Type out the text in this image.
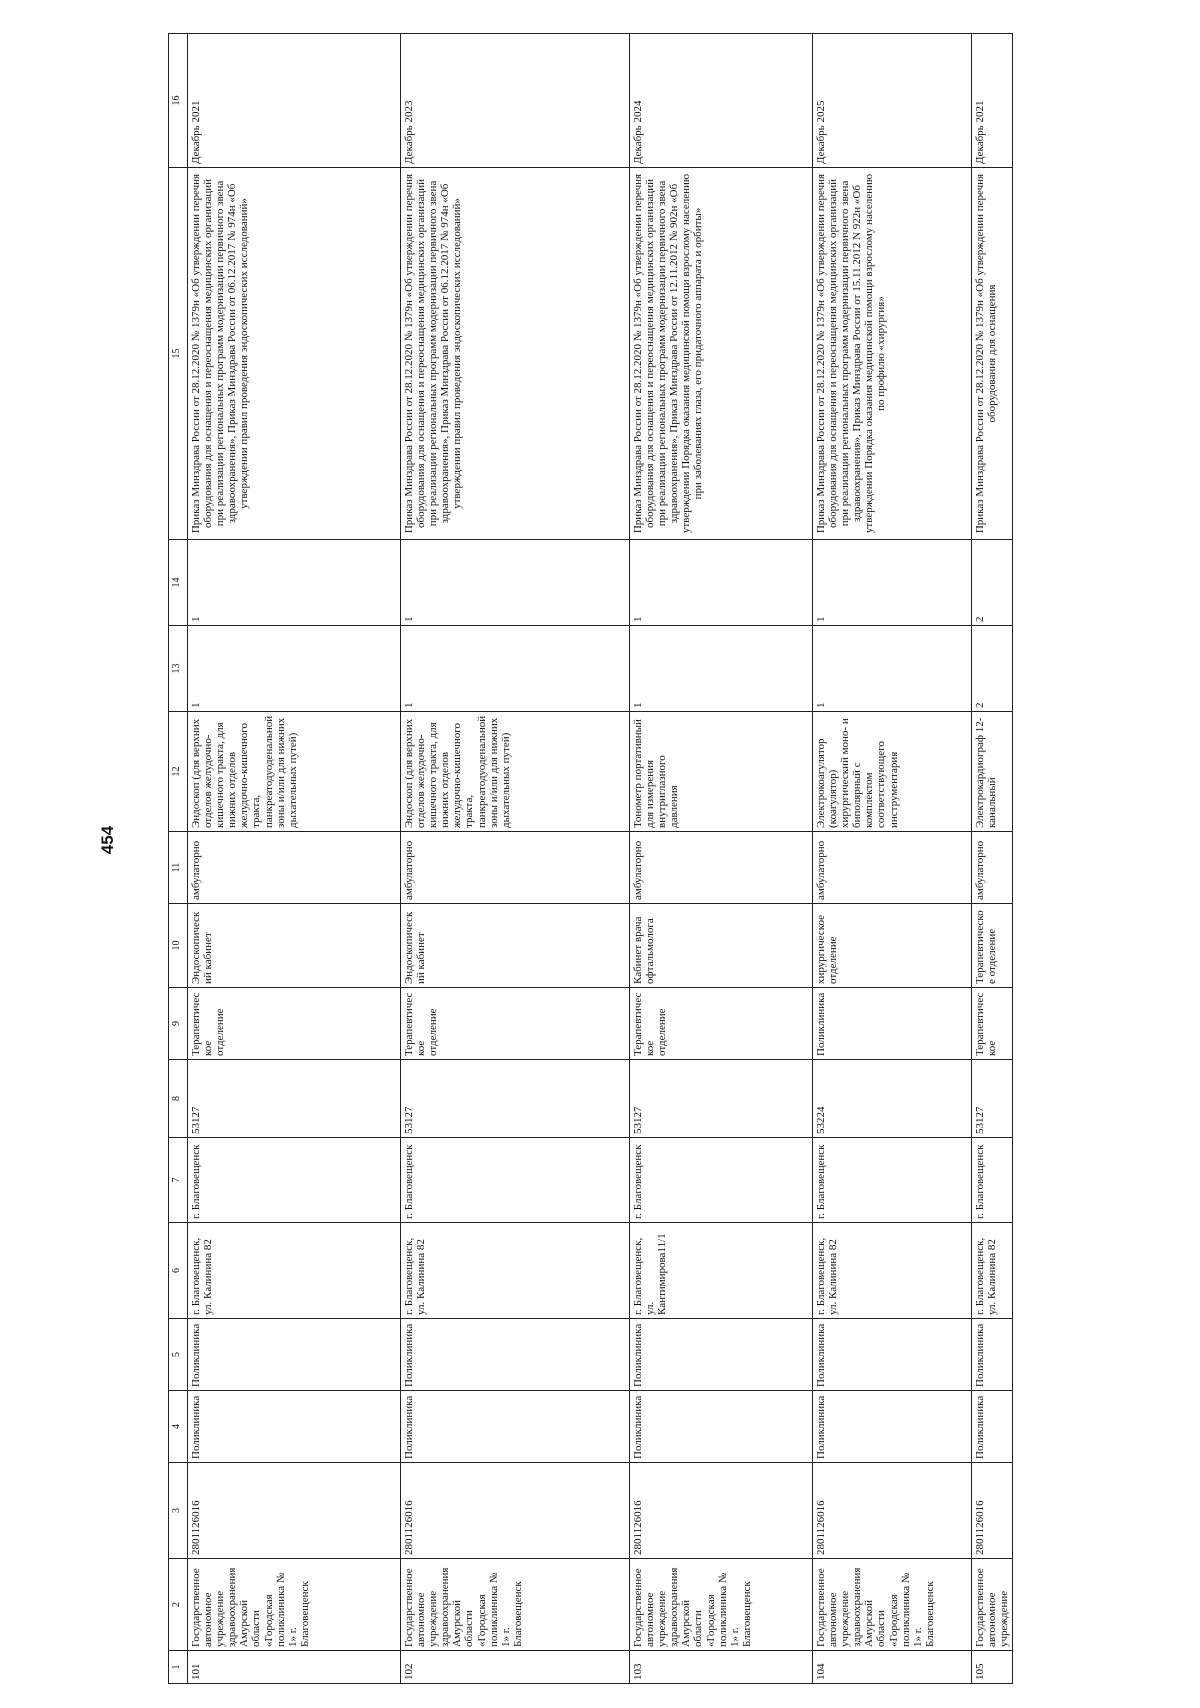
454
1	2	3	4	5	6	7	8	9	10	11	12	13	14	15	16
101	Государственное автономное учреждение здравоохранения Амурской области «Городская поликлиника № 1» г. Благовещенск	2801126016	Поликлиника	Поликлиника	г. Благовещенск, ул. Калинина 82	г. Благовещенск	53127	Терапевтическое отделение	Эндоскопический кабинет	амбулаторно	Эндоскоп (для верхних отделов желудочно-кишечного тракта, для нижних отделов желудочно-кишечного тракта, панкреатодуоденальной зоны и/или для нижних дыхательных путей)	1	1	Приказ Минздрава России от 28.12.2020 № 1379н «Об утверждении перечня оборудования для оснащения и переоснащения медицинских организаций при реализации региональных программ модернизации первичного звена здравоохранения», Приказ Минздрава России от 06.12.2017 № 974н «Об утверждении правил проведения эндоскопических исследований»	Декабрь 2021
102	Государственное автономное учреждение здравоохранения Амурской области «Городская поликлиника № 1» г. Благовещенск	2801126016	Поликлиника	Поликлиника	г. Благовещенск, ул. Калинина 82	г. Благовещенск	53127	Терапевтическое отделение	Эндоскопический кабинет	амбулаторно	Эндоскоп (для верхних отделов желудочно-кишечного тракта, для нижних отделов желудочно-кишечного тракта, панкреатодуоденальной зоны и/или для нижних дыхательных путей)	1	1	Приказ Минздрава России от 28.12.2020 № 1379н «Об утверждении перечня оборудования для оснащения и переоснащения медицинских организаций при реализации региональных программ модернизации первичного звена здравоохранения», Приказ Минздрава России от 06.12.2017 № 974н «Об утверждении правил проведения эндоскопических исследований»	Декабрь 2023
103	Государственное автономное учреждение здравоохранения Амурской области «Городская поликлиника № 1» г. Благовещенск	2801126016	Поликлиника	Поликлиника	г. Благовещенск, ул. Кантимирова11/1	г. Благовещенск	53127	Терапевтическое отделение	Кабинет врача офтальмолога	амбулаторно	Тонометр портативный для измерения внутриглазного давления	1	1	Приказ Минздрава России от 28.12.2020 № 1379н «Об утверждении перечня оборудования для оснащения и переоснащения медицинских организаций при реализации региональных программ модернизации первичного звена здравоохранения», Приказ Минздрава России от 12.11.2012 № 902н «Об утверждении Порядка оказания медицинской помощи взрослому населению при заболеваниях глаза, его придаточного аппарата и орбиты»	Декабрь 2024
104	Государственное автономное учреждение здравоохранения Амурской области «Городская поликлиника № 1» г. Благовещенск	2801126016	Поликлиника	Поликлиника	г. Благовещенск, ул. Калинина 82	г. Благовещенск	53224	Поликлиника	хирургическое отделение	амбулаторно	Электрокоагулятор (коагулятор) хирургический моно- и биполярный с комплектом соответствующего инструментария	1	1	Приказ Минздрава России от 28.12.2020 № 1379н «Об утверждении перечня оборудования для оснащения и переоснащения медицинских организаций при реализации региональных программ модернизации первичного звена здравоохранения», Приказ Минздрава России от 15.11.2012 N 922н «Об утверждении Порядка оказания медицинской помощи взрослому населению по профилю «хирургия»	Декабрь 2025
105	Государственное автономное учреждение	2801126016	Поликлиника	Поликлиника	г. Благовещенск, ул. Калинина 82	г. Благовещенск	53127	Терапевтическое	Терапевтическое отделение	амбулаторно	Электрокардиограф 12-канальный	2	2	Приказ Минздрава России от 28.12.2020 № 1379н «Об утверждении перечня оборудования для оснащения	Декабрь 2021
